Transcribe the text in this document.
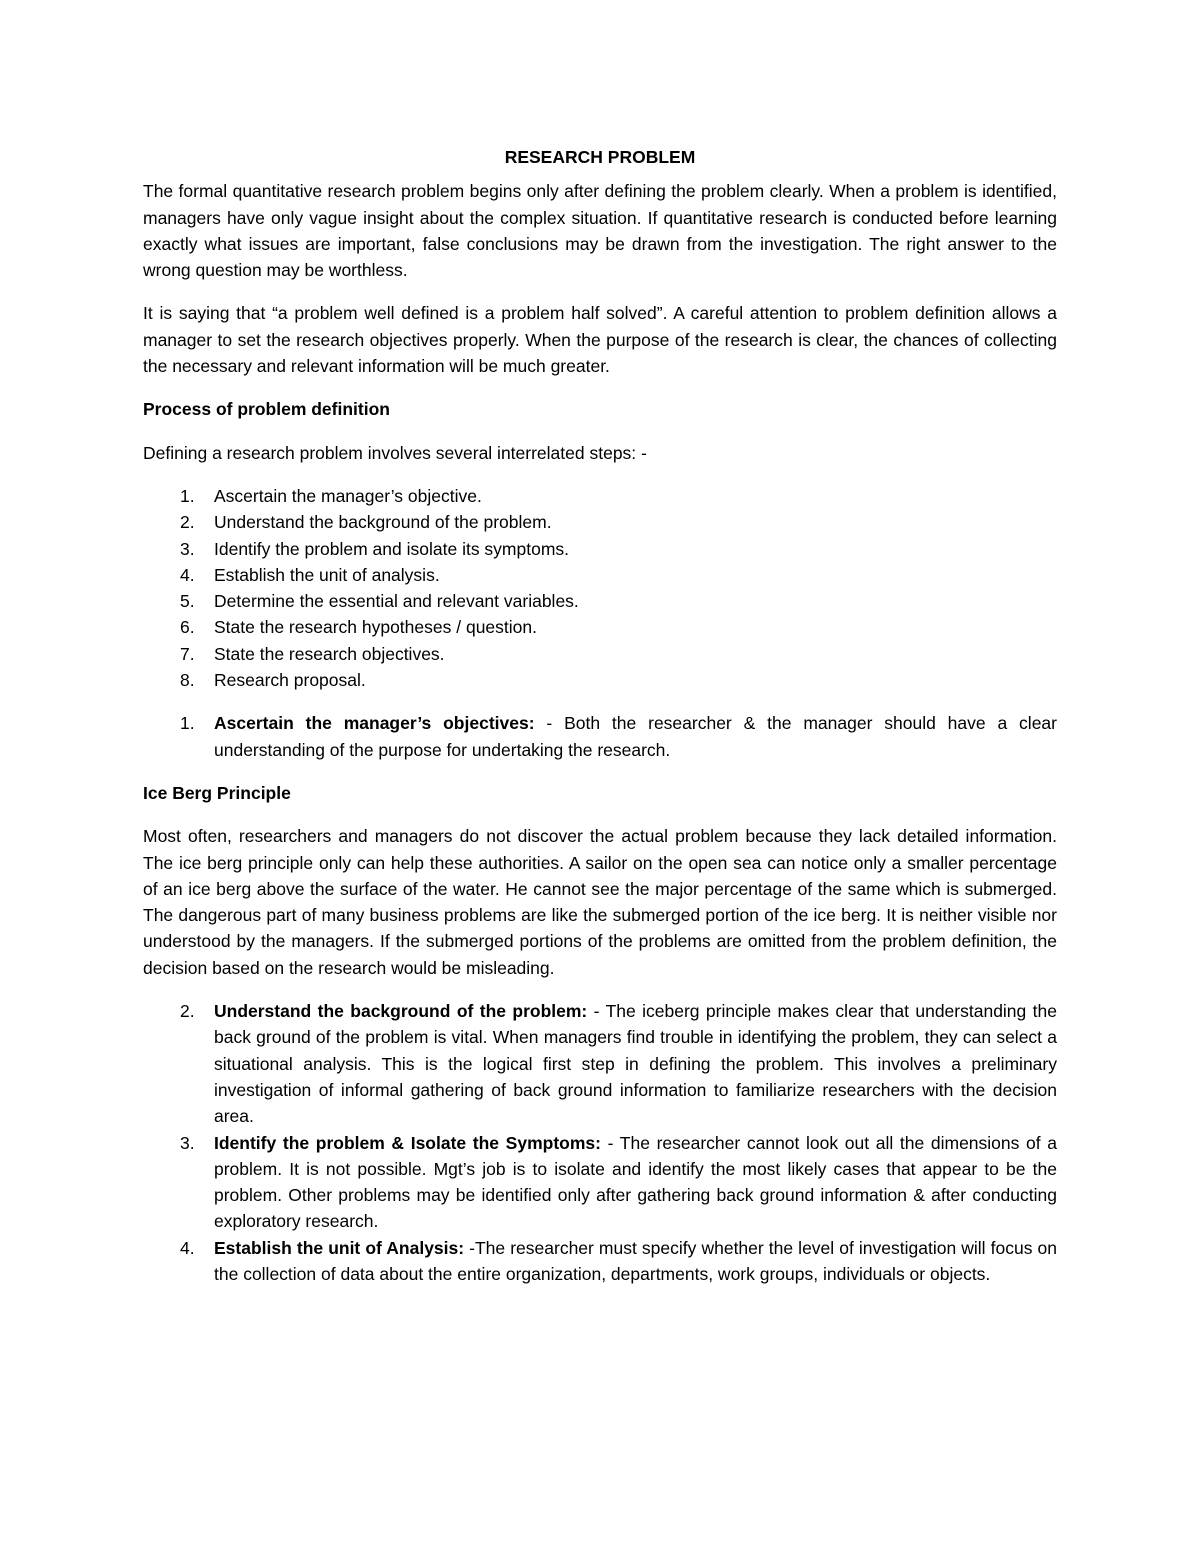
RESEARCH PROBLEM

The formal quantitative research problem begins only after defining the problem clearly. When a problem is identified, managers have only vague insight about the complex situation. If quantitative research is conducted before learning exactly what issues are important, false conclusions may be drawn from the investigation. The right answer to the wrong question may be worthless.

It is saying that “a problem well defined is a problem half solved”. A careful attention to problem definition allows a manager to set the research objectives properly. When the purpose of the research is clear, the chances of collecting the necessary and relevant information will be much greater.

Process of problem definition

Defining a research problem involves several interrelated steps: -

1. Ascertain the manager’s objective.
2. Understand the background of the problem.
3. Identify the problem and isolate its symptoms.
4. Establish the unit of analysis.
5. Determine the essential and relevant variables.
6. State the research hypotheses / question.
7. State the research objectives.
8. Research proposal.
1. Ascertain the manager’s objectives: - Both the researcher & the manager should have a clear understanding of the purpose for undertaking the research.
Ice Berg Principle

Most often, researchers and managers do not discover the actual problem because they lack detailed information. The ice berg principle only can help these authorities. A sailor on the open sea can notice only a smaller percentage of an ice berg above the surface of the water. He cannot see the major percentage of the same which is submerged. The dangerous part of many business problems are like the submerged portion of the ice berg. It is neither visible nor understood by the managers. If the submerged portions of the problems are omitted from the problem definition, the decision based on the research would be misleading.

2. Understand the background of the problem: - The iceberg principle makes clear that understanding the back ground of the problem is vital. When managers find trouble in identifying the problem, they can select a situational analysis. This is the logical first step in defining the problem. This involves a preliminary investigation of informal gathering of back ground information to familiarize researchers with the decision area.
3. Identify the problem & Isolate the Symptoms: - The researcher cannot look out all the dimensions of a problem. It is not possible. Mgt’s job is to isolate and identify the most likely cases that appear to be the problem. Other problems may be identified only after gathering back ground information & after conducting exploratory research.
4. Establish the unit of Analysis: -The researcher must specify whether the level of investigation will focus on the collection of data about the entire organization, departments, work groups, individuals or objects.
